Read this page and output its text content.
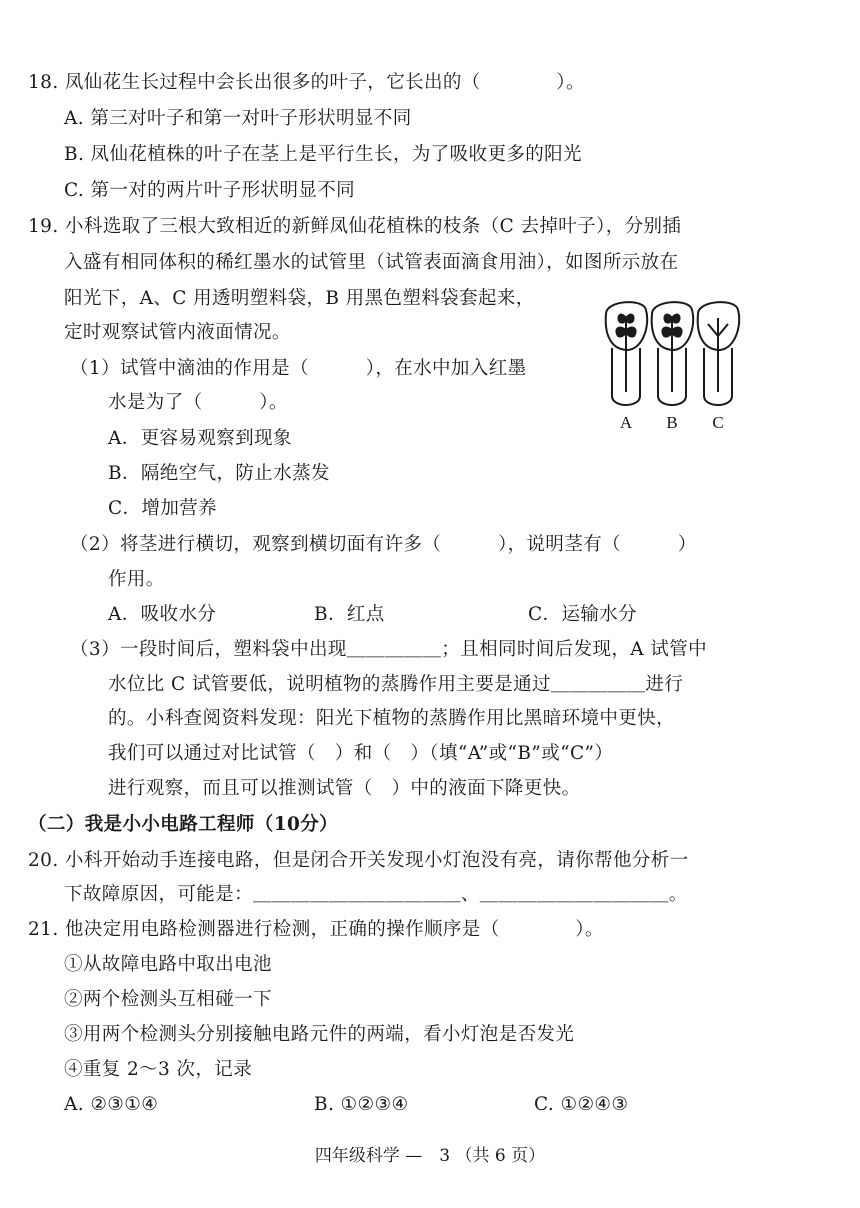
18. 凤仙花生长过程中会长出很多的叶子，它长出的（　　　　）。
A. 第三对叶子和第一对叶子形状明显不同
B. 凤仙花植株的叶子在茎上是平行生长，为了吸收更多的阳光
C. 第一对的两片叶子形状明显不同
19. 小科选取了三根大致相近的新鲜凤仙花植株的枝条（C 去掉叶子），分别插
入盛有相同体积的稀红墨水的试管里（试管表面滴食用油），如图所示放在
阳光下，A、C 用透明塑料袋，B 用黑色塑料袋套起来，
定时观察试管内液面情况。
（1）试管中滴油的作用是（　　　），在水中加入红墨
水是为了（　　　）。
A．更容易观察到现象
B．隔绝空气，防止水蒸发
C．增加营养
（2）将茎进行横切，观察到横切面有许多（　　　），说明茎有（　　　）
作用。
A．吸收水分	B．红点	C．运输水分
（3）一段时间后，塑料袋中出现＿＿＿＿＿；且相同时间后发现，A 试管中
水位比 C 试管要低，说明植物的蒸腾作用主要是通过＿＿＿＿＿进行
的。小科查阅资料发现：阳光下植物的蒸腾作用比黑暗环境中更快，
我们可以通过对比试管（　）和（　）（填“A”或“B”或“C”）
进行观察，而且可以推测试管（　）中的液面下降更快。
A B C
（二）我是小小电路工程师（10分）
20. 小科开始动手连接电路，但是闭合开关发现小灯泡没有亮，请你帮他分析一
下故障原因，可能是：＿＿＿＿＿＿＿＿＿＿＿、＿＿＿＿＿＿＿＿＿＿。
21. 他决定用电路检测器进行检测，正确的操作顺序是（　　　　）。
①从故障电路中取出电池
②两个检测头互相碰一下
③用两个检测头分别接触电路元件的两端，看小灯泡是否发光
④重复 2～3 次，记录
A. ②③①④	B. ①②③④	C. ①②④③
四年级科学 —　3 （共 6 页）
